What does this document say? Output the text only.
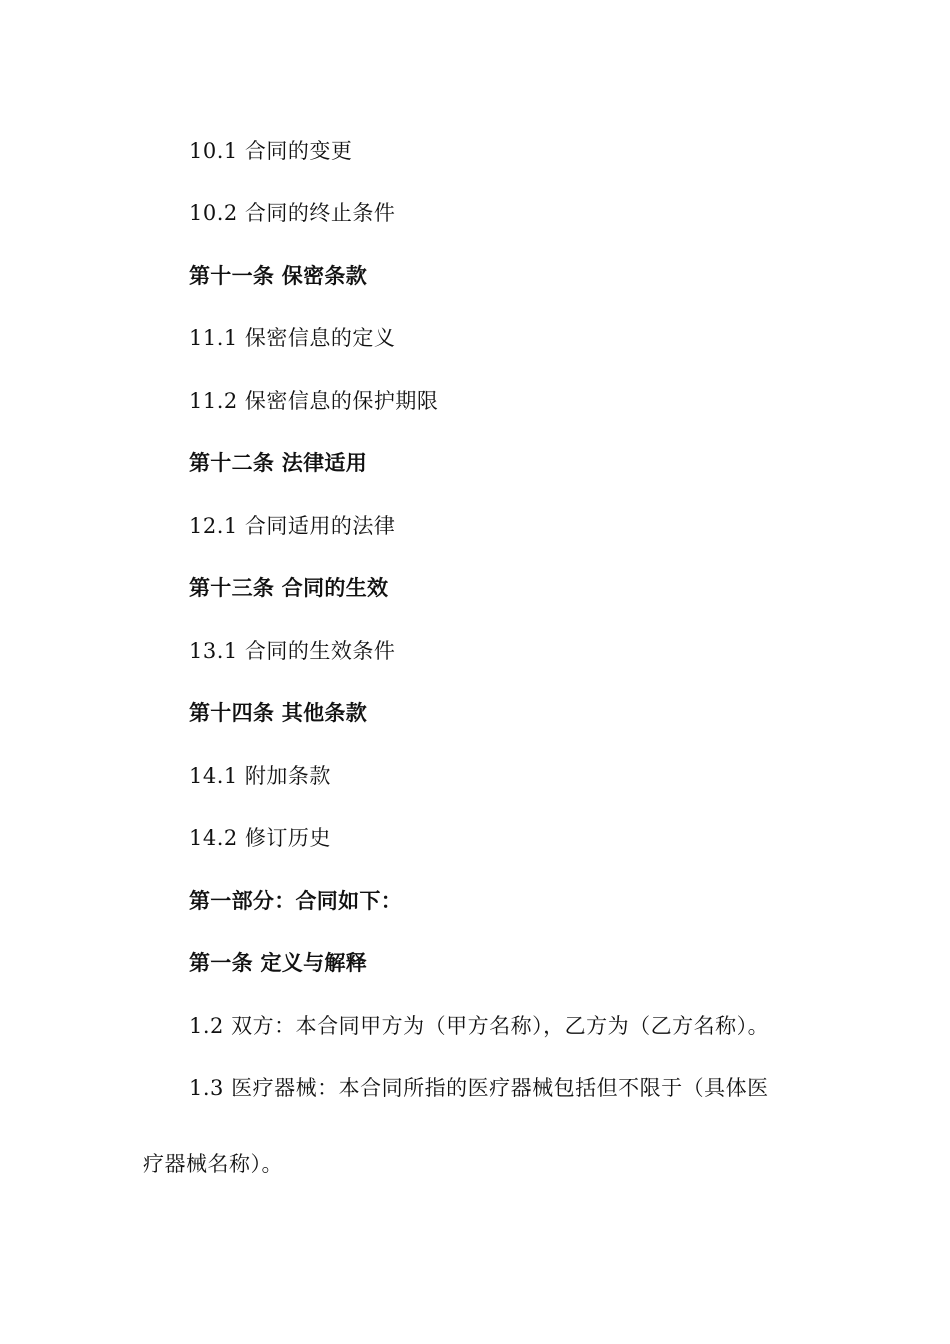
10.1 合同的变更
10.2 合同的终止条件
第十一条 保密条款
11.1 保密信息的定义
11.2 保密信息的保护期限
第十二条 法律适用
12.1 合同适用的法律
第十三条 合同的生效
13.1 合同的生效条件
第十四条 其他条款
14.1 附加条款
14.2 修订历史
第一部分：合同如下：
第一条 定义与解释
1.2 双方：本合同甲方为（甲方名称），乙方为（乙方名称）。
1.3 医疗器械：本合同所指的医疗器械包括但不限于（具体医
疗器械名称）。
